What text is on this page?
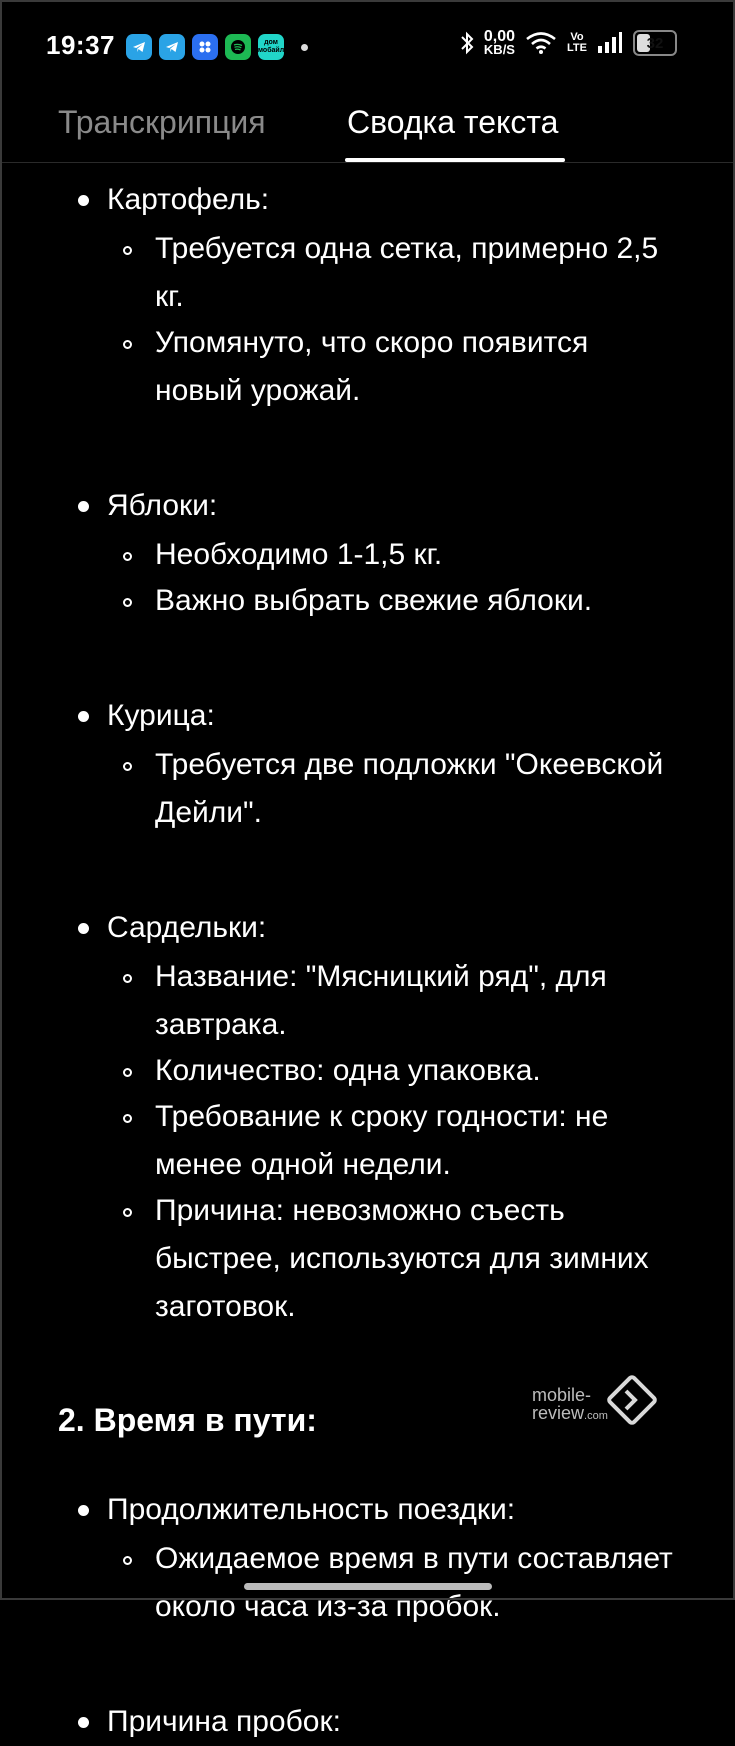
19:37	дом мобайл
0,00
KB/S
Vo
LTE	32
Транскрипция	Сводка текста
Картофель:
Требуется одна сетка, примерно 2,5 кг.
Упомянуто, что скоро появится новый урожай.
Яблоки:
Необходимо 1-1,5 кг.
Важно выбрать свежие яблоки.
Курица:
Требуется две подложки "Океевской Дейли".
Сардельки:
Название: "Мясницкий ряд", для завтрака.
Количество: одна упаковка.
Требование к сроку годности: не менее одной недели.
Причина: невозможно съесть быстрее, используются для зимних заготовок.
2. Время в пути:
Продолжительность поездки:
Ожидаемое время в пути составляет около часа из-за пробок.
Причина пробок:
mobile-
review.com
